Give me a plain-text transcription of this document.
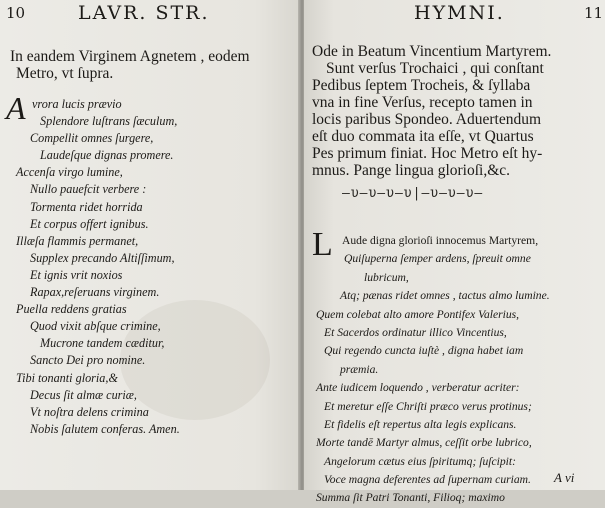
10	LAVR. STR.
In eandem Virginem Agnetem , eodem
Metro, vt ſupra.
A vrora lucis prævio
Splendore luſtrans ſæculum,
Compellit omnes ſurgere,
Laudeſque dignas promere.
Accenſa virgo lumine,
Nullo pauefcit verbere :
Tormenta ridet horrida
Et corpus offert ignibus.
Illæſa flammis permanet,
Supplex precando Altiſſimum,
Et ignis vrit noxios
Rapax,reſeruans virginem.
Puella reddens gratias
Quod vixit abſque crimine,
Mucrone tandem cæditur,
Sancto Dei pro nomine.
Tibi tonanti gloria,&
Decus ſit almæ curiæ,
Vt noſtra delens crimina
Nobis ſalutem conferas. Amen.
HYMNI.	11
Ode in Beatum Vincentium Martyrem.
Sunt verſus Trochaici , qui conſtant
Pedibus ſeptem Trocheis, & ſyllaba
vna in fine Verſus, recepto tamen in
locis paribus Spondeo. Aduertendum
eſt duo commata ita eſſe, vt Quartus
Pes primum finiat. Hoc Metro eſt hy-
mnus. Pange lingua glorioſi,&c.
—υ—υ—υ—υ|—υ—υ—υ—
L Aude digna glorioſi innocemus Martyrem,
Quiſuperna ſemper ardens, ſpreuit omne
lubricum,
Atq; pænas ridet omnes , tactus almo lumine.
Quem colebat alto amore Pontifex Valerius,
Et Sacerdos ordinatur illico Vincentius,
Qui regendo cuncta iuſtè , digna habet iam
præmia.
Ante iudicem loquendo , verberatur acriter:
Et meretur eſſe Chriſti præco verus protinus;
Et fidelis eſt repertus alta legis explicans.
Morte tandē Martyr almus, ceſſit orbe lubrico,
Angelorum cætus eius ſpiritumq; ſuſcipit:
Voce magna deferentes ad ſupernam curiam.
Summa ſit Patri Tonanti, Filioq; maximo
A vi
